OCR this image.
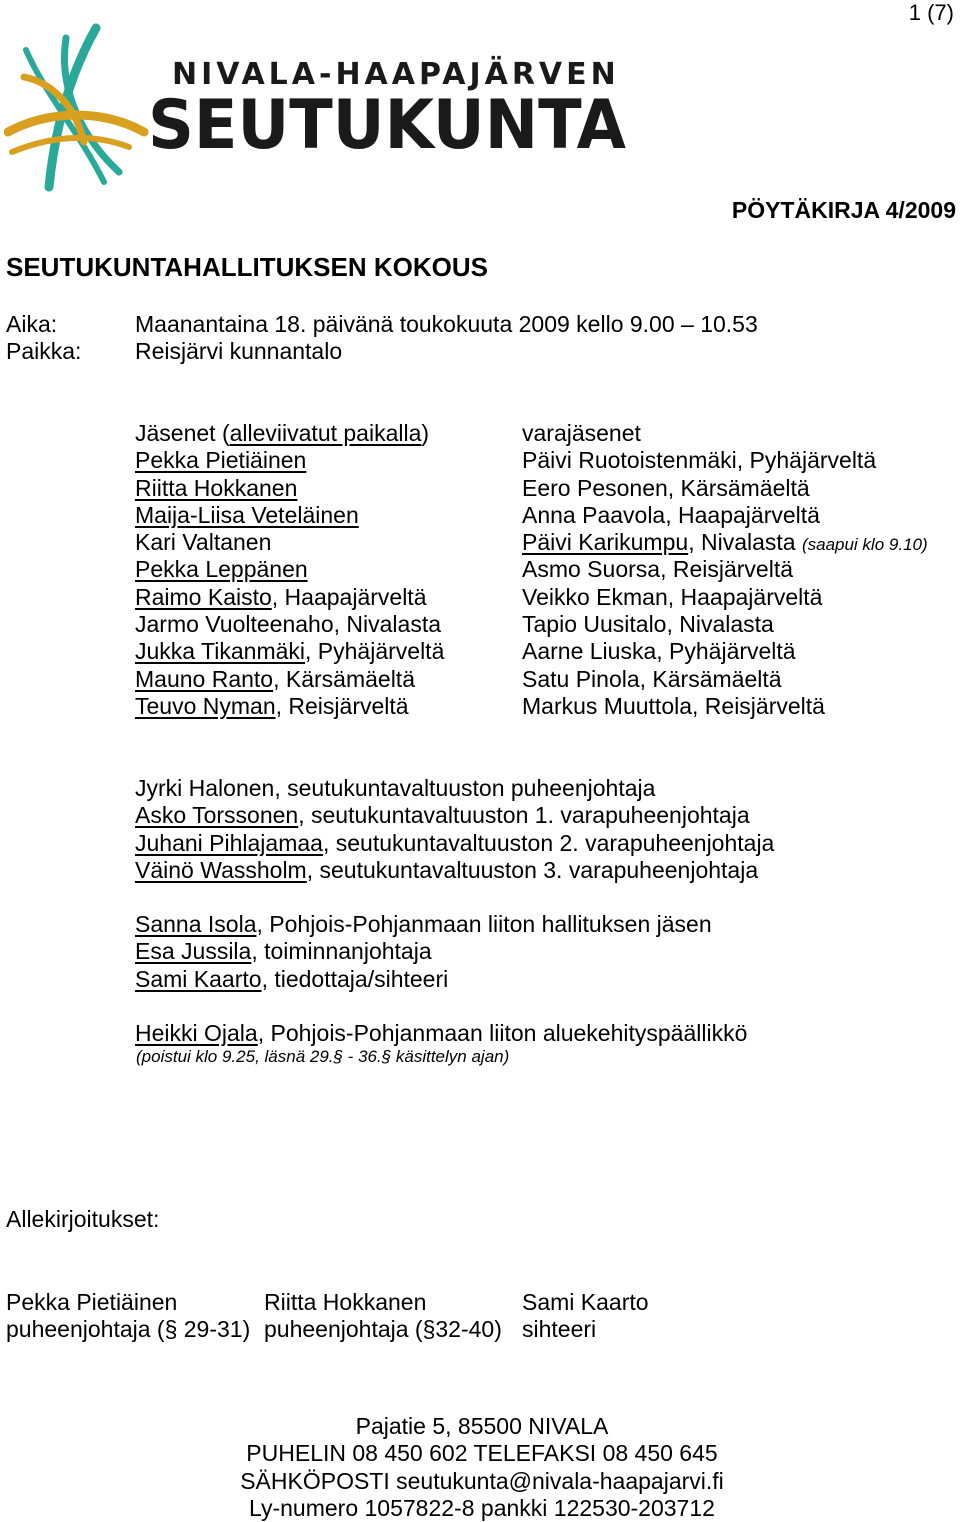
1 (7)
NIVALA-HAAPAJÄRVEN
SEUTUKUNTA
PÖYTÄKIRJA 4/2009
SEUTUKUNTAHALLITUKSEN KOKOUS
Aika:	Maanantaina 18. päivänä toukokuuta 2009 kello 9.00 – 10.53
Paikka: Reisjärvi kunnantalo
Jäsenet (alleviivatut paikalla)
Pekka Pietiäinen
Riitta Hokkanen
Maija-Liisa Veteläinen
Kari Valtanen
Pekka Leppänen
Raimo Kaisto, Haapajärveltä
Jarmo Vuolteenaho, Nivalasta
Jukka Tikanmäki, Pyhäjärveltä
Mauno Ranto, Kärsämäeltä
Teuvo Nyman, Reisjärveltä
varajäsenet
Päivi Ruotoistenmäki, Pyhäjärveltä
Eero Pesonen, Kärsämäeltä
Anna Paavola, Haapajärveltä
Päivi Karikumpu, Nivalasta (saapui klo 9.10)
Asmo Suorsa, Reisjärveltä
Veikko Ekman, Haapajärveltä
Tapio Uusitalo, Nivalasta
Aarne Liuska, Pyhäjärveltä
Satu Pinola, Kärsämäeltä
Markus Muuttola, Reisjärveltä
Jyrki Halonen, seutukuntavaltuuston puheenjohtaja
Asko Torssonen, seutukuntavaltuuston 1. varapuheenjohtaja
Juhani Pihlajamaa, seutukuntavaltuuston 2. varapuheenjohtaja
Väinö Wassholm, seutukuntavaltuuston 3. varapuheenjohtaja
Sanna Isola, Pohjois-Pohjanmaan liiton hallituksen jäsen
Esa Jussila, toiminnanjohtaja
Sami Kaarto, tiedottaja/sihteeri
Heikki Ojala, Pohjois-Pohjanmaan liiton aluekehityspäällikkö
(poistui klo 9.25, läsnä 29.§ - 36.§ käsittelyn ajan)
Allekirjoitukset:
Pekka Pietiäinen
puheenjohtaja (§ 29-31)
Riitta Hokkanen
puheenjohtaja (§32-40)
Sami Kaarto
sihteeri
Pajatie 5, 85500 NIVALA
PUHELIN 08 450 602 TELEFAKSI 08 450 645
SÄHKÖPOSTI seutukunta@nivala-haapajarvi.fi
Ly-numero 1057822-8 pankki 122530-203712
